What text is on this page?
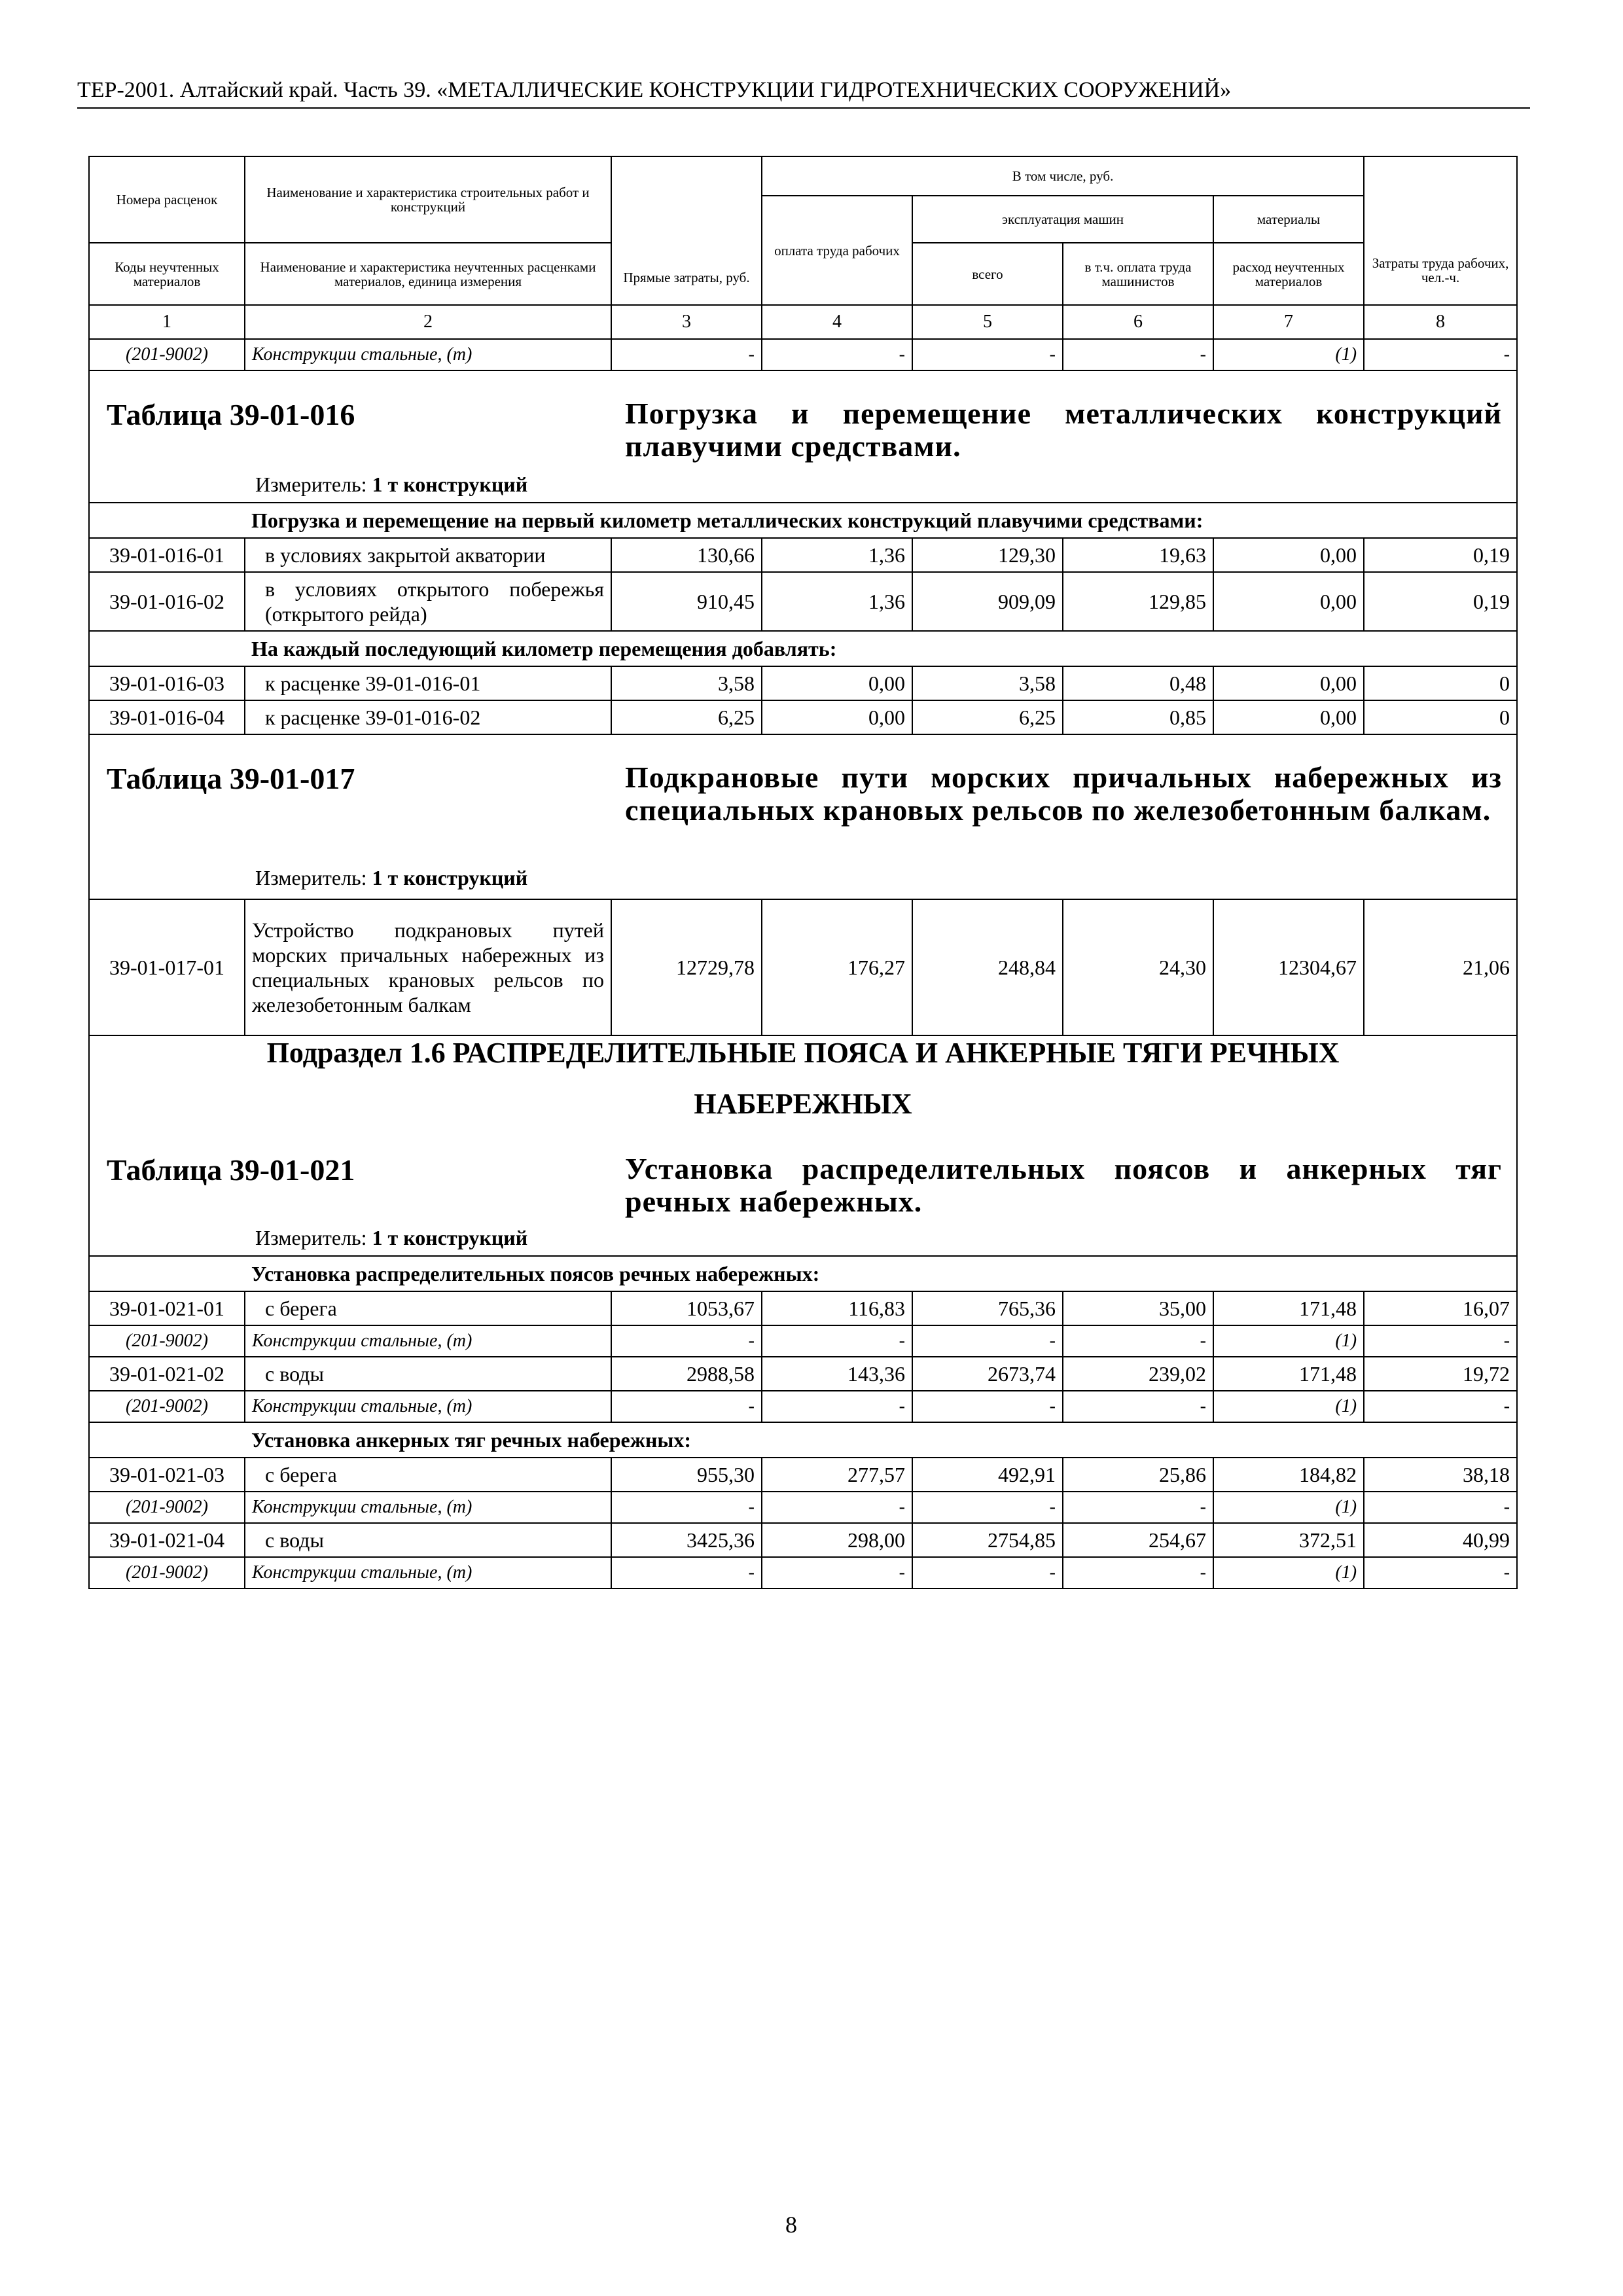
ТЕР-2001. Алтайский край. Часть 39. «МЕТАЛЛИЧЕСКИЕ КОНСТРУКЦИИ ГИДРОТЕХНИЧЕСКИХ СООРУЖЕНИЙ»
Номера расценок	Наименование и характеристика строительных работ и конструкций	Прямые затраты, руб.	В том числе, руб.				Затраты труда рабочих, чел.-ч.
			оплата труда рабочих	эксплуатация машин		материалы	
Коды неучтенных материалов	Наименование и характеристика неучтенных расценками материалов, единица измерения			всего	в т.ч. оплата труда машинистов	расход неучтенных материалов	
1	2	3	4	5	6	7	8
(201-9002)	Конструкции стальные, (т)	-	-	-	-	(1)	-

Таблица 39-01-016 Погрузка и перемещение металлических конструкций плавучими средствами.
Измеритель: 1 т конструкций							

	Погрузка и перемещение на первый километр металлических конструкций плавучими средствами:						
39-01-016-01	в условиях закрытой акватории	130,66	1,36	129,30	19,63	0,00	0,19
39-01-016-02	в условиях открытого побережья (открытого рейда)	910,45	1,36	909,09	129,85	0,00	0,19
	На каждый последующий километр перемещения добавлять:						
39-01-016-03	к расценке 39-01-016-01	3,58	0,00	3,58	0,48	0,00	0
39-01-016-04	к расценке 39-01-016-02	6,25	0,00	6,25	0,85	0,00	0

Таблица 39-01-017 Подкрановые пути морских причальных набережных из специальных крановых рельсов по железобетонным балкам.
Измеритель: 1 т конструкций							

39-01-017-01	Устройство подкрановых путей морских причальных набережных из специальных крановых рельсов по железобетонным балкам	12729,78	176,27	248,84	24,30	12304,67	21,06

Подраздел 1.6 РАСПРЕДЕЛИТЕЛЬНЫЕ ПОЯСА И АНКЕРНЫЕ ТЯГИ РЕЧНЫХ
НАБЕРЕЖНЫХ
Таблица 39-01-021 Установка распределительных поясов и анкерных тяг речных набережных.
Измеритель: 1 т конструкций							

	Установка распределительных поясов речных набережных:						
39-01-021-01	с берега	1053,67	116,83	765,36	35,00	171,48	16,07
(201-9002)	Конструкции стальные, (т)	-	-	-	-	(1)	-
39-01-021-02	с воды	2988,58	143,36	2673,74	239,02	171,48	19,72
(201-9002)	Конструкции стальные, (т)	-	-	-	-	(1)	-
	Установка анкерных тяг речных набережных:						
39-01-021-03	с берега	955,30	277,57	492,91	25,86	184,82	38,18
(201-9002)	Конструкции стальные, (т)	-	-	-	-	(1)	-
39-01-021-04	с воды	3425,36	298,00	2754,85	254,67	372,51	40,99
(201-9002)	Конструкции стальные, (т)	-	-	-	-	(1)	-
8
